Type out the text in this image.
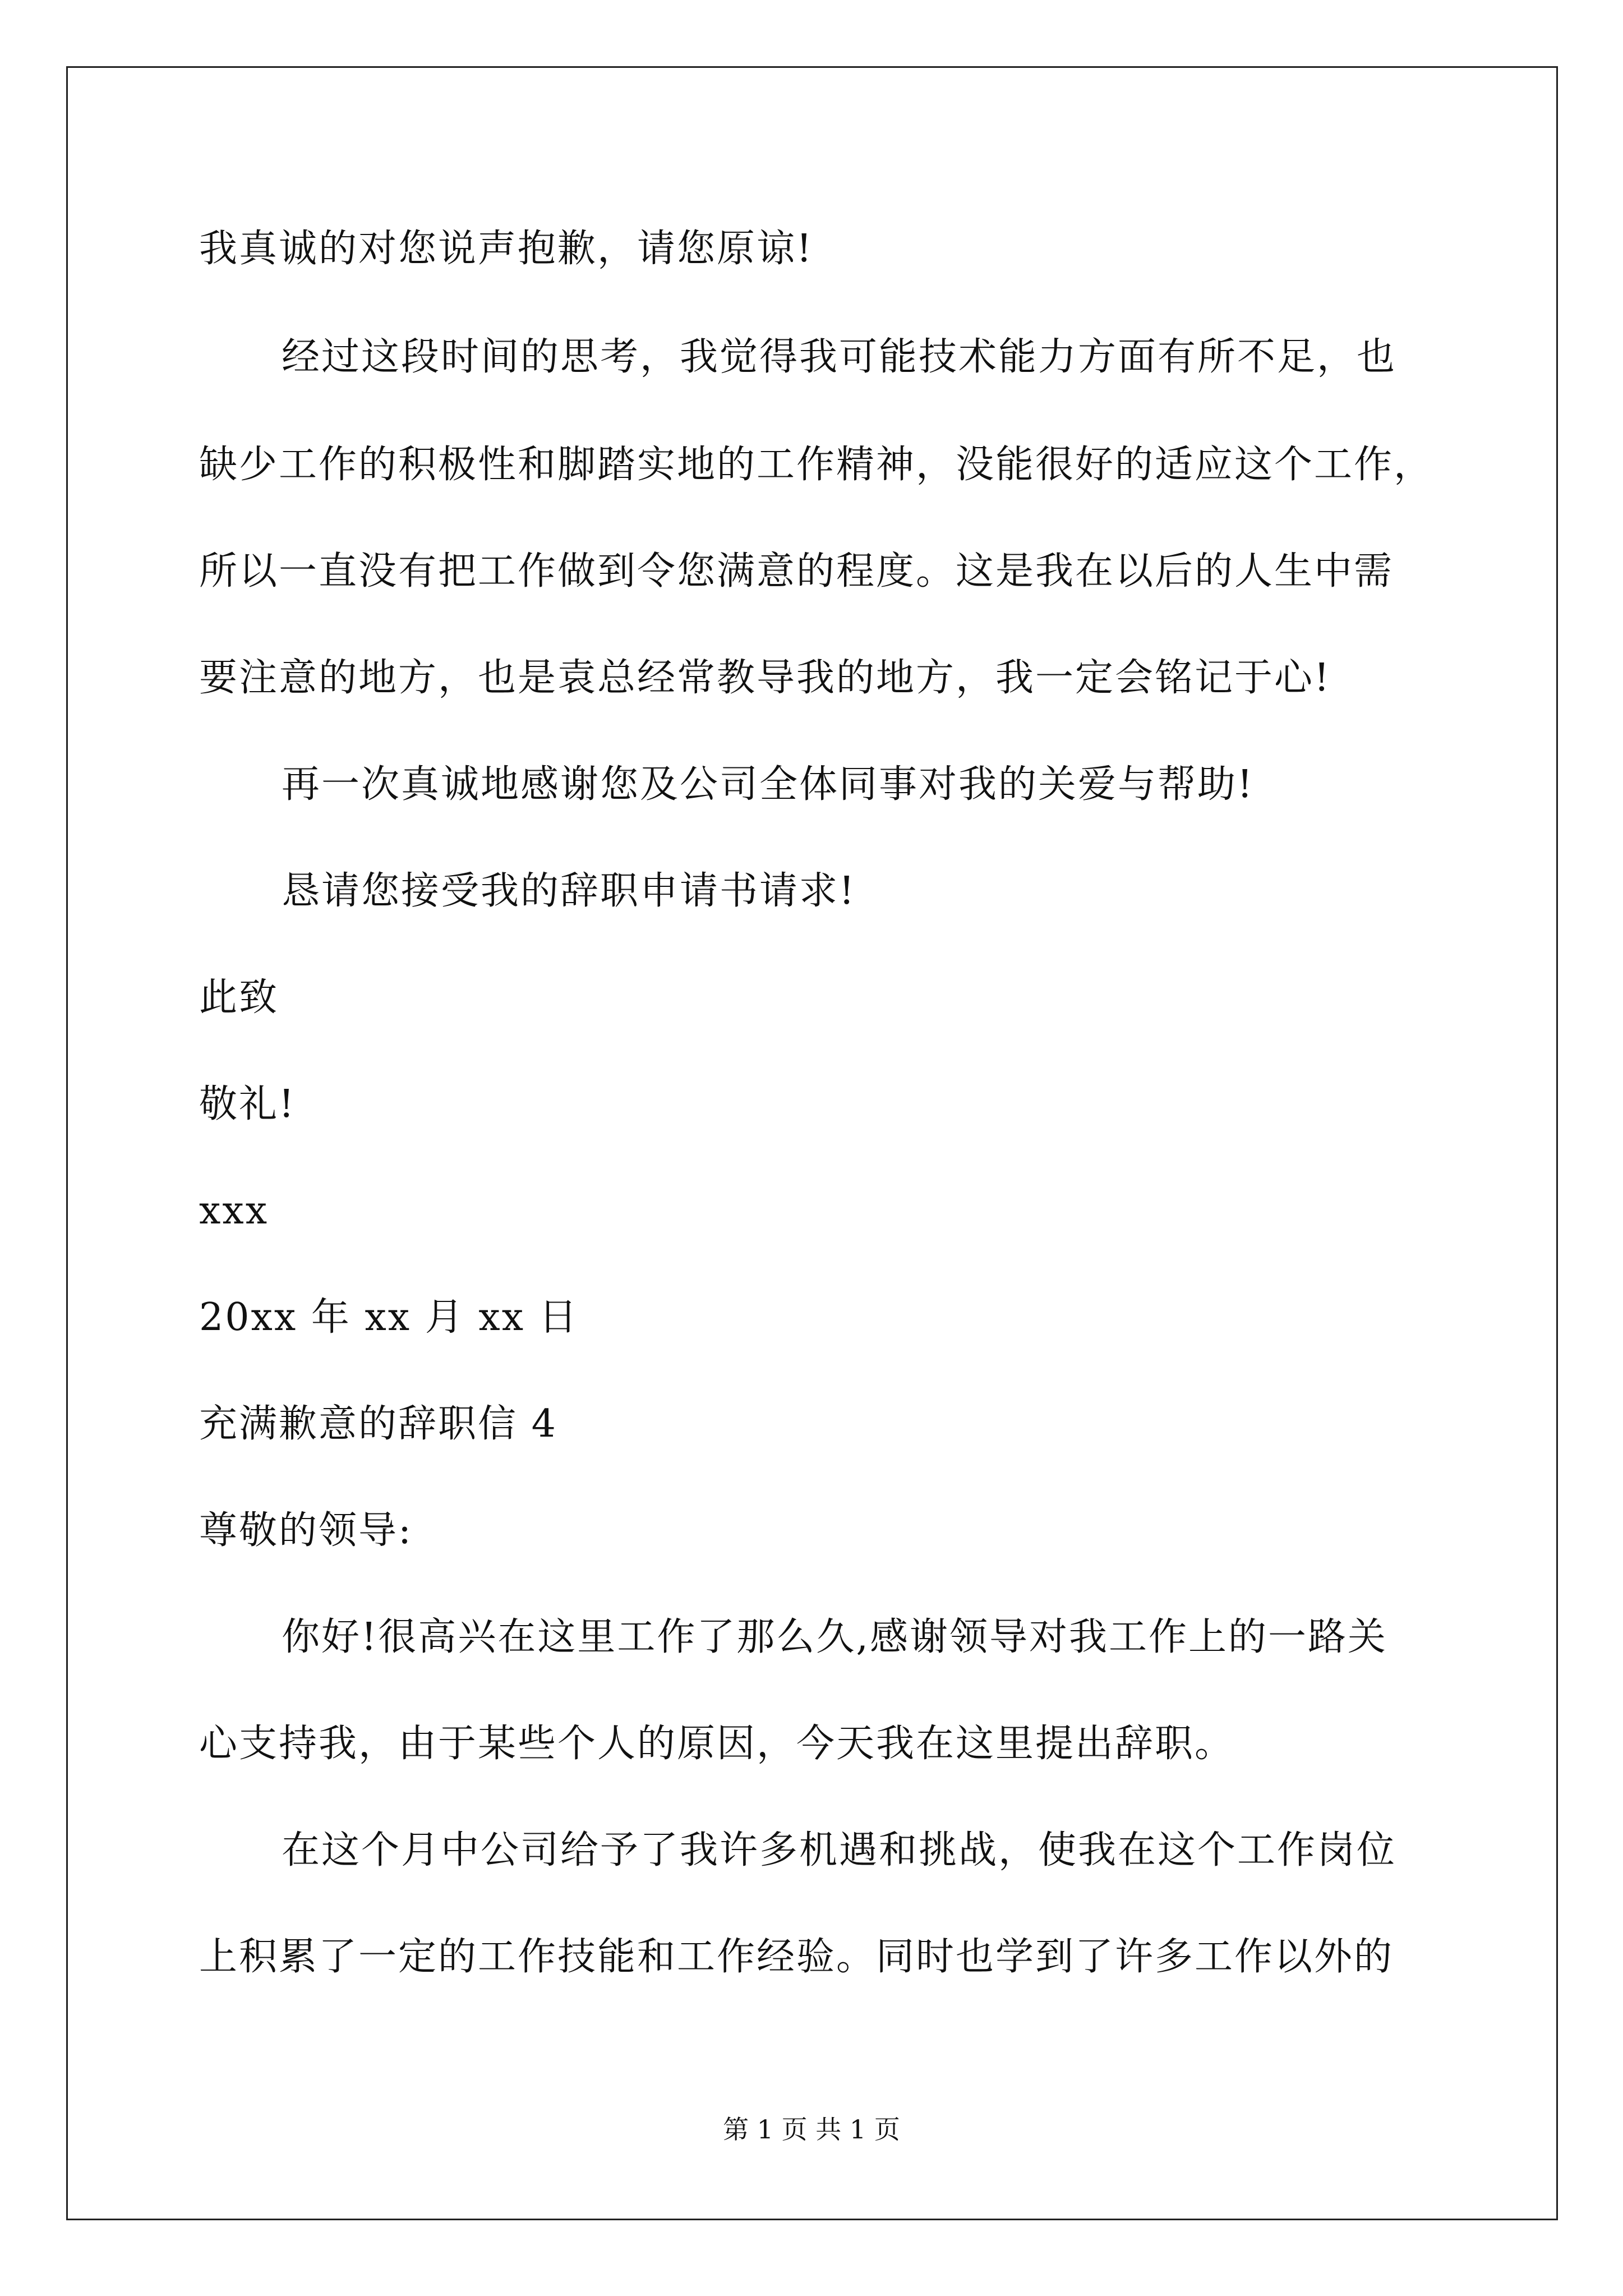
我真诚的对您说声抱歉，请您原谅!
经过这段时间的思考，我觉得我可能技术能力方面有所不足，也
缺少工作的积极性和脚踏实地的工作精神，没能很好的适应这个工作，
所以一直没有把工作做到令您满意的程度。这是我在以后的人生中需
要注意的地方，也是袁总经常教导我的地方，我一定会铭记于心!
再一次真诚地感谢您及公司全体同事对我的关爱与帮助!
恳请您接受我的辞职申请书请求!
此致
敬礼!
xxx
20xx 年 xx 月 xx 日
充满歉意的辞职信 4
尊敬的领导:
你好!很高兴在这里工作了那么久,感谢领导对我工作上的一路关
心支持我，由于某些个人的原因，今天我在这里提出辞职。
在这个月中公司给予了我许多机遇和挑战，使我在这个工作岗位
上积累了一定的工作技能和工作经验。同时也学到了许多工作以外的
第 1 页 共 1 页
